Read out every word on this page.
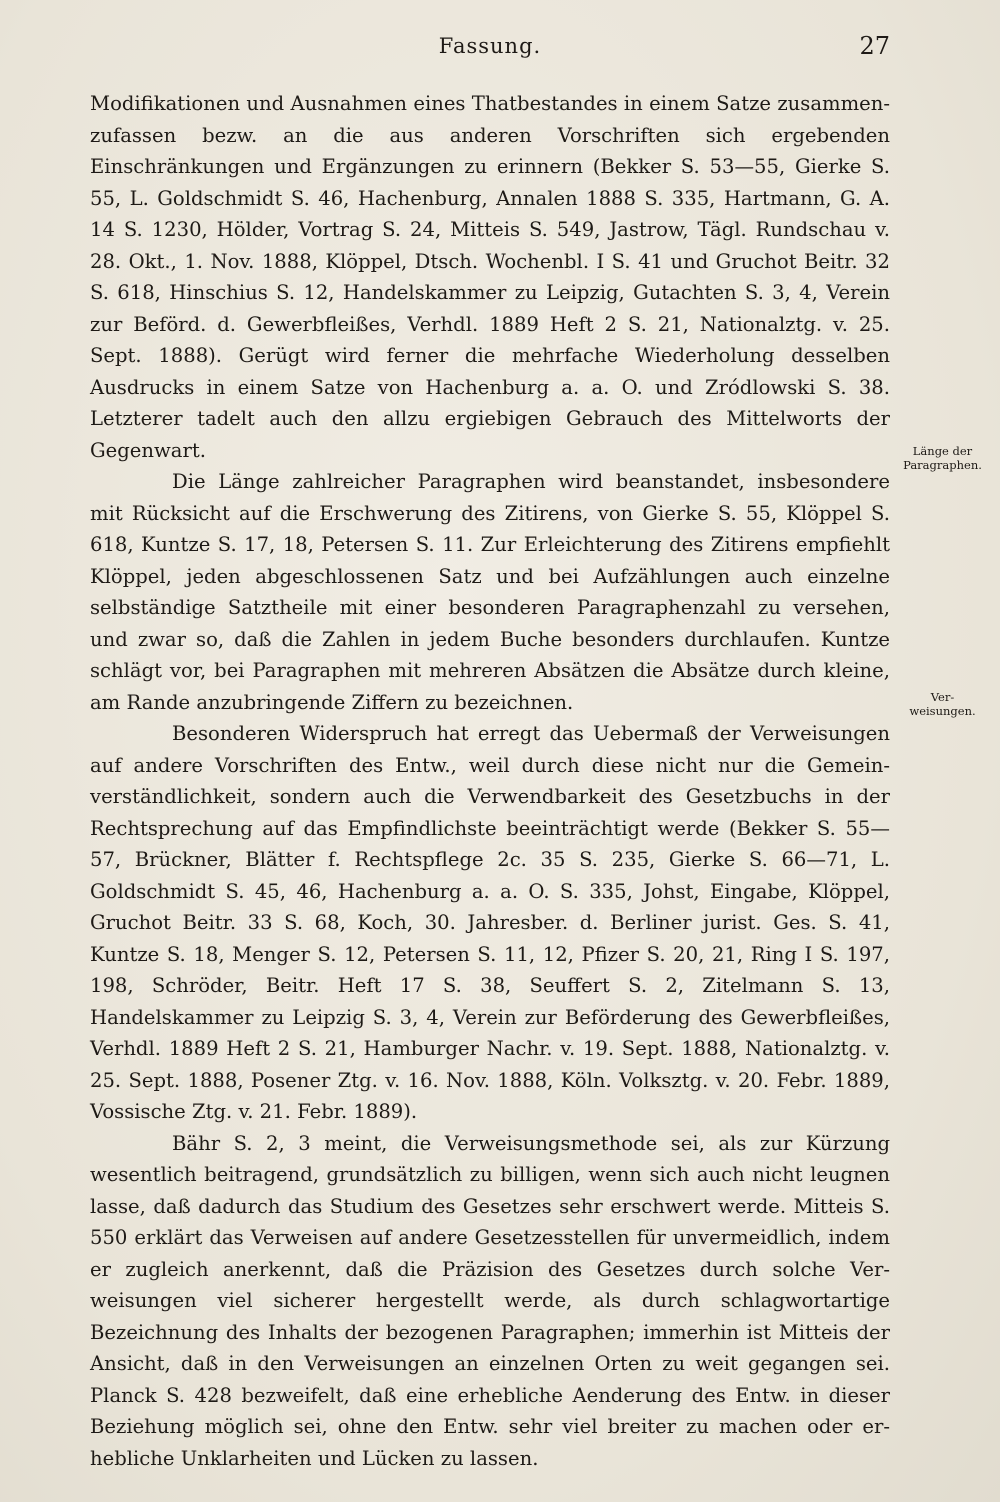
Fassung.	27

Modifikationen und Ausnahmen eines Thatbestandes in einem Satze zusammenzufassen bezw. an die aus anderen Vorschriften sich ergebenden Einschränkungen und Ergänzungen zu erinnern (Bekker S. 53—55, Gierke S. 55, L. Goldschmidt S. 46, Hachenburg, Annalen 1888 S. 335, Hartmann, G. A. 14 S. 1230, Hölder, Vortrag S. 24, Mitteis S. 549, Jastrow, Tägl. Rundschau v. 28. Okt., 1. Nov. 1888, Klöppel, Dtsch. Wochenbl. I S. 41 und Gruchot Beitr. 32 S. 618, Hinschius S. 12, Handelskammer zu Leipzig, Gutachten S. 3, 4, Verein zur Beförd. d. Gewerbfleißes, Verhdl. 1889 Heft 2 S. 21, Nationalztg. v. 25. Sept. 1888). Gerügt wird ferner die mehrfache Wiederholung desselben Ausdrucks in einem Satze von Hachenburg a. a. O. und Zródlowski S. 38. Letzterer tadelt auch den allzu ergiebigen Gebrauch des Mittelworts der Gegenwart.

Die Länge zahlreicher Paragraphen wird beanstandet, insbesondere mit Rücksicht auf die Erschwerung des Zitirens, von Gierke S. 55, Klöppel S. 618, Kuntze S. 17, 18, Petersen S. 11. Zur Erleichterung des Zitirens empfiehlt Klöppel, jeden abgeschlossenen Satz und bei Aufzählungen auch einzelne selbständige Satztheile mit einer besonderen Paragraphenzahl zu versehen, und zwar so, daß die Zahlen in jedem Buche besonders durchlaufen. Kuntze schlägt vor, bei Paragraphen mit mehreren Absätzen die Absätze durch kleine, am Rande anzubringende Ziffern zu bezeichnen.

Besonderen Widerspruch hat erregt das Uebermaß der Verweisungen auf andere Vorschriften des Entw., weil durch diese nicht nur die Gemeinverständlichkeit, sondern auch die Verwendbarkeit des Gesetzbuchs in der Rechtsprechung auf das Empfindlichste beeinträchtigt werde (Bekker S. 55—57, Brückner, Blätter f. Rechtspflege 2c. 35 S. 235, Gierke S. 66—71, L. Goldschmidt S. 45, 46, Hachenburg a. a. O. S. 335, Johst, Eingabe, Klöppel, Gruchot Beitr. 33 S. 68, Koch, 30. Jahresber. d. Berliner jurist. Ges. S. 41, Kuntze S. 18, Menger S. 12, Petersen S. 11, 12, Pfizer S. 20, 21, Ring I S. 197, 198, Schröder, Beitr. Heft 17 S. 38, Seuffert S. 2, Zitelmann S. 13, Handelskammer zu Leipzig S. 3, 4, Verein zur Beförderung des Gewerbfleißes, Verhdl. 1889 Heft 2 S. 21, Hamburger Nachr. v. 19. Sept. 1888, Nationalztg. v. 25. Sept. 1888, Posener Ztg. v. 16. Nov. 1888, Köln. Volksztg. v. 20. Febr. 1889, Vossische Ztg. v. 21. Febr. 1889).

Bähr S. 2, 3 meint, die Verweisungsmethode sei, als zur Kürzung wesentlich beitragend, grundsätzlich zu billigen, wenn sich auch nicht leugnen lasse, daß dadurch das Studium des Gesetzes sehr erschwert werde. Mitteis S. 550 erklärt das Verweisen auf andere Gesetzesstellen für unvermeidlich, indem er zugleich anerkennt, daß die Präzision des Gesetzes durch solche Verweisungen viel sicherer hergestellt werde, als durch schlagwortartige Bezeichnung des Inhalts der bezogenen Paragraphen; immerhin ist Mitteis der Ansicht, daß in den Verweisungen an einzelnen Orten zu weit gegangen sei. Planck S. 428 bezweifelt, daß eine erhebliche Aenderung des Entw. in dieser Beziehung möglich sei, ohne den Entw. sehr viel breiter zu machen oder erhebliche Unklarheiten und Lücken zu lassen.

Länge der
Paragraphen.
Ver-
weisungen.
